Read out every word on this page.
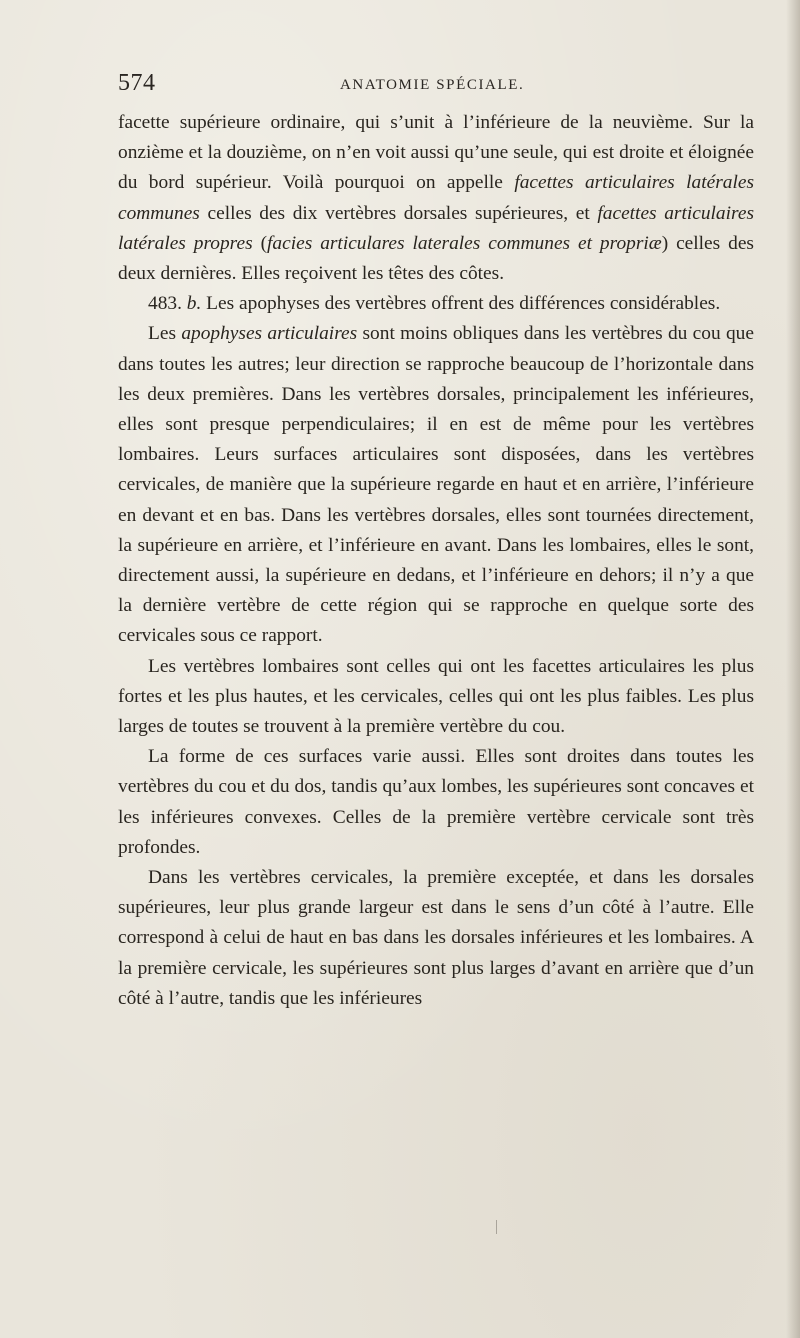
574	ANATOMIE SPÉCIALE.

facette supérieure ordinaire, qui s’unit à l’inférieure de la neuvième. Sur la onzième et la douzième, on n’en voit aussi qu’une seule, qui est droite et éloignée du bord supérieur. Voilà pourquoi on appelle facettes articulaires latérales communes celles des dix vertèbres dorsales supérieures, et facettes articulaires latérales propres (facies articulares laterales communes et propriæ) celles des deux dernières. Elles reçoivent les têtes des côtes.

483. b. Les apophyses des vertèbres offrent des différences considérables.

Les apophyses articulaires sont moins obliques dans les vertèbres du cou que dans toutes les autres; leur direction se rapproche beaucoup de l’horizontale dans les deux premières. Dans les vertèbres dorsales, principalement les inférieures, elles sont presque perpendiculaires; il en est de même pour les vertèbres lombaires. Leurs surfaces articulaires sont disposées, dans les vertèbres cervicales, de manière que la supérieure regarde en haut et en arrière, l’inférieure en devant et en bas. Dans les vertèbres dorsales, elles sont tournées directement, la supérieure en arrière, et l’inférieure en avant. Dans les lombaires, elles le sont, directement aussi, la supérieure en dedans, et l’inférieure en dehors; il n’y a que la dernière vertèbre de cette région qui se rapproche en quelque sorte des cervicales sous ce rapport.

Les vertèbres lombaires sont celles qui ont les facettes articulaires les plus fortes et les plus hautes, et les cervicales, celles qui ont les plus faibles. Les plus larges de toutes se trouvent à la première vertèbre du cou.

La forme de ces surfaces varie aussi. Elles sont droites dans toutes les vertèbres du cou et du dos, tandis qu’aux lombes, les supérieures sont concaves et les inférieures convexes. Celles de la première vertèbre cervicale sont très profondes.

Dans les vertèbres cervicales, la première exceptée, et dans les dorsales supérieures, leur plus grande largeur est dans le sens d’un côté à l’autre. Elle correspond à celui de haut en bas dans les dorsales inférieures et les lombaires. A la première cervicale, les supérieures sont plus larges d’avant en arrière que d’un côté à l’autre, tandis que les inférieures
